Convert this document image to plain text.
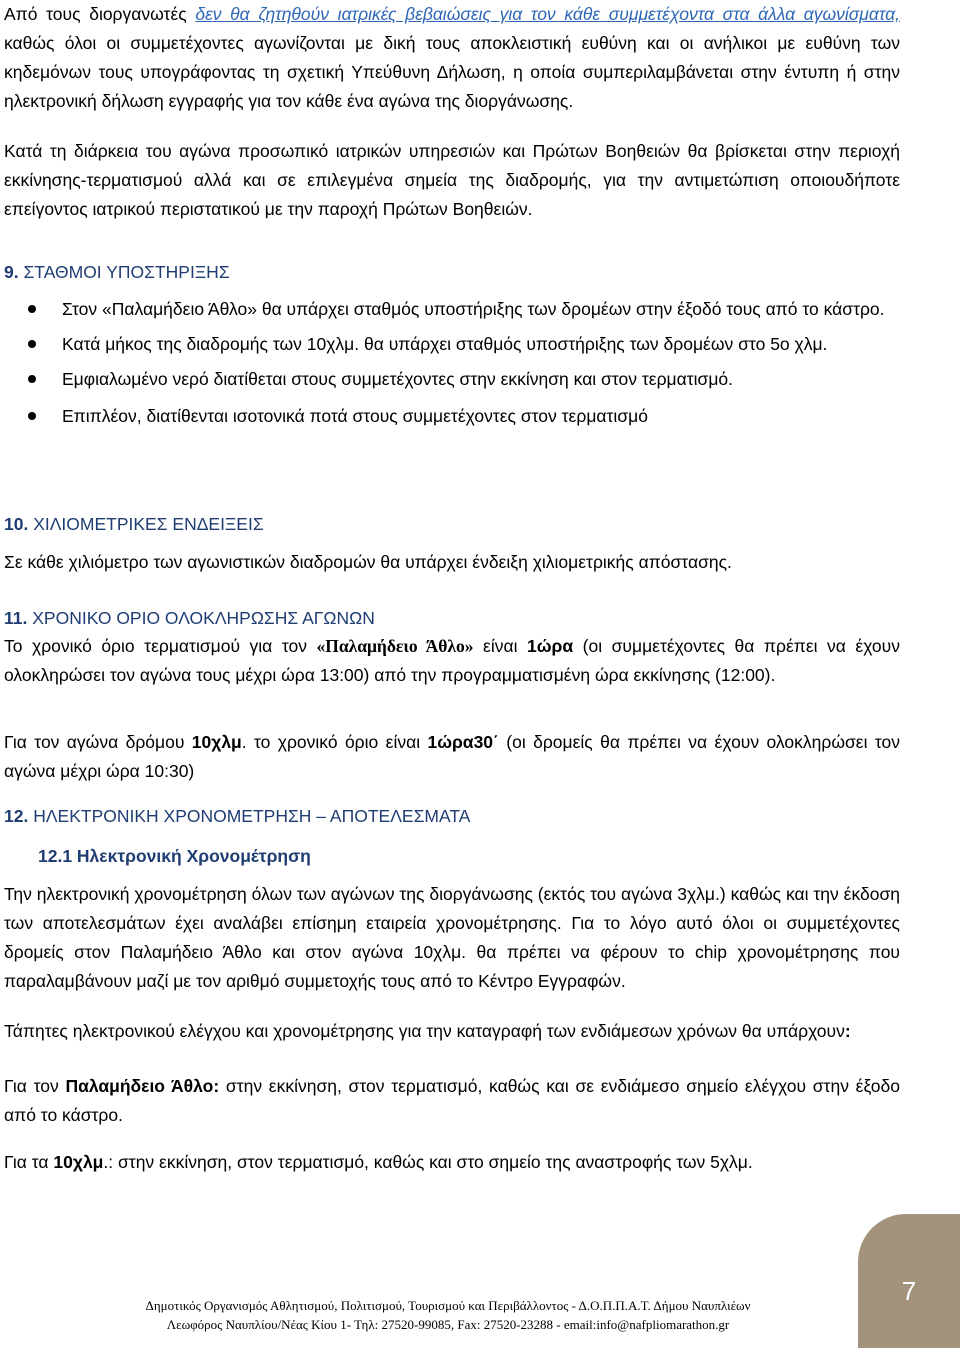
Από τους διοργανωτές δεν θα ζητηθούν ιατρικές βεβαιώσεις για τον κάθε συμμετέχοντα στα άλλα αγωνίσματα, καθώς όλοι οι συμμετέχοντες αγωνίζονται με δική τους αποκλειστική ευθύνη και οι ανήλικοι με ευθύνη των κηδεμόνων τους υπογράφοντας τη σχετική Υπεύθυνη Δήλωση, η οποία συμπεριλαμβάνεται στην έντυπη ή στην ηλεκτρονική δήλωση εγγραφής για τον κάθε ένα αγώνα της διοργάνωσης.

Κατά τη διάρκεια του αγώνα προσωπικό ιατρικών υπηρεσιών και Πρώτων Βοηθειών θα βρίσκεται στην περιοχή εκκίνησης-τερματισμού αλλά και σε επιλεγμένα σημεία της διαδρομής, για την αντιμετώπιση οποιουδήποτε επείγοντος ιατρικού περιστατικού με την παροχή Πρώτων Βοηθειών.

9. ΣΤΑΘΜΟΙ ΥΠΟΣΤΗΡΙΞΗΣ
Στον «Παλαμήδειο Άθλο» θα υπάρχει σταθμός υποστήριξης των δρομέων στην έξοδό τους από το κάστρο.
Κατά μήκος της διαδρομής των 10χλμ. θα υπάρχει σταθμός υποστήριξης των δρομέων στο 5ο χλμ.
Εμφιαλωμένο νερό διατίθεται στους συμμετέχοντες στην εκκίνηση και στον τερματισμό.
Επιπλέον, διατίθενται ισοτονικά ποτά στους συμμετέχοντες στον τερματισμό
10. ΧΙΛΙΟΜΕΤΡΙΚΕΣ ΕΝΔΕΙΞΕΙΣ

Σε κάθε χιλιόμετρο των αγωνιστικών διαδρομών θα υπάρχει ένδειξη χιλιομετρικής απόστασης.

11. ΧΡΟΝΙΚΟ ΟΡΙΟ ΟΛΟΚΛΗΡΩΣΗΣ ΑΓΩΝΩΝ

Το χρονικό όριο τερματισμού για τον «Παλαμήδειο Άθλο» είναι 1ώρα (οι συμμετέχοντες θα πρέπει να έχουν ολοκληρώσει τον αγώνα τους μέχρι ώρα 13:00) από την προγραμματισμένη ώρα εκκίνησης (12:00).

Για τον αγώνα δρόμου 10χλμ. το χρονικό όριο είναι 1ώρα30΄ (οι δρομείς θα πρέπει να έχουν ολοκληρώσει τον αγώνα μέχρι ώρα 10:30)

12. ΗΛΕΚΤΡΟΝΙΚΗ ΧΡΟΝΟΜΕΤΡΗΣΗ – ΑΠΟΤΕΛΕΣΜΑΤΑ
12.1 Ηλεκτρονική Χρονομέτρηση

Την ηλεκτρονική χρονομέτρηση όλων των αγώνων της διοργάνωσης (εκτός του αγώνα 3χλμ.) καθώς και την έκδοση των αποτελεσμάτων έχει αναλάβει επίσημη εταιρεία χρονομέτρησης. Για το λόγο αυτό όλοι οι συμμετέχοντες δρομείς στον Παλαμήδειο Άθλο και στον αγώνα 10χλμ. θα πρέπει να φέρουν το chip χρονομέτρησης που παραλαμβάνουν μαζί με τον αριθμό συμμετοχής τους από το Κέντρο Εγγραφών.

Τάπητες ηλεκτρονικού ελέγχου και χρονομέτρησης για την καταγραφή των ενδιάμεσων χρόνων θα υπάρχουν:

Για τον Παλαμήδειο Άθλο: στην εκκίνηση, στον τερματισμό, καθώς και σε ενδιάμεσο σημείο ελέγχου στην έξοδο από το κάστρο.

Για τα 10χλμ.: στην εκκίνηση, στον τερματισμό, καθώς και στο σημείο της αναστροφής των 5χλμ.

Δημοτικός Οργανισμός Αθλητισμού, Πολιτισμού, Τουρισμού και Περιβάλλοντος - Δ.Ο.Π.Π.Α.Τ. Δήμου Ναυπλιέων
Λεωφόρος Ναυπλίου/Νέας Κίου 1- Τηλ: 27520-99085, Fax: 27520-23288 - email:info@nafpliomarathon.gr
7
